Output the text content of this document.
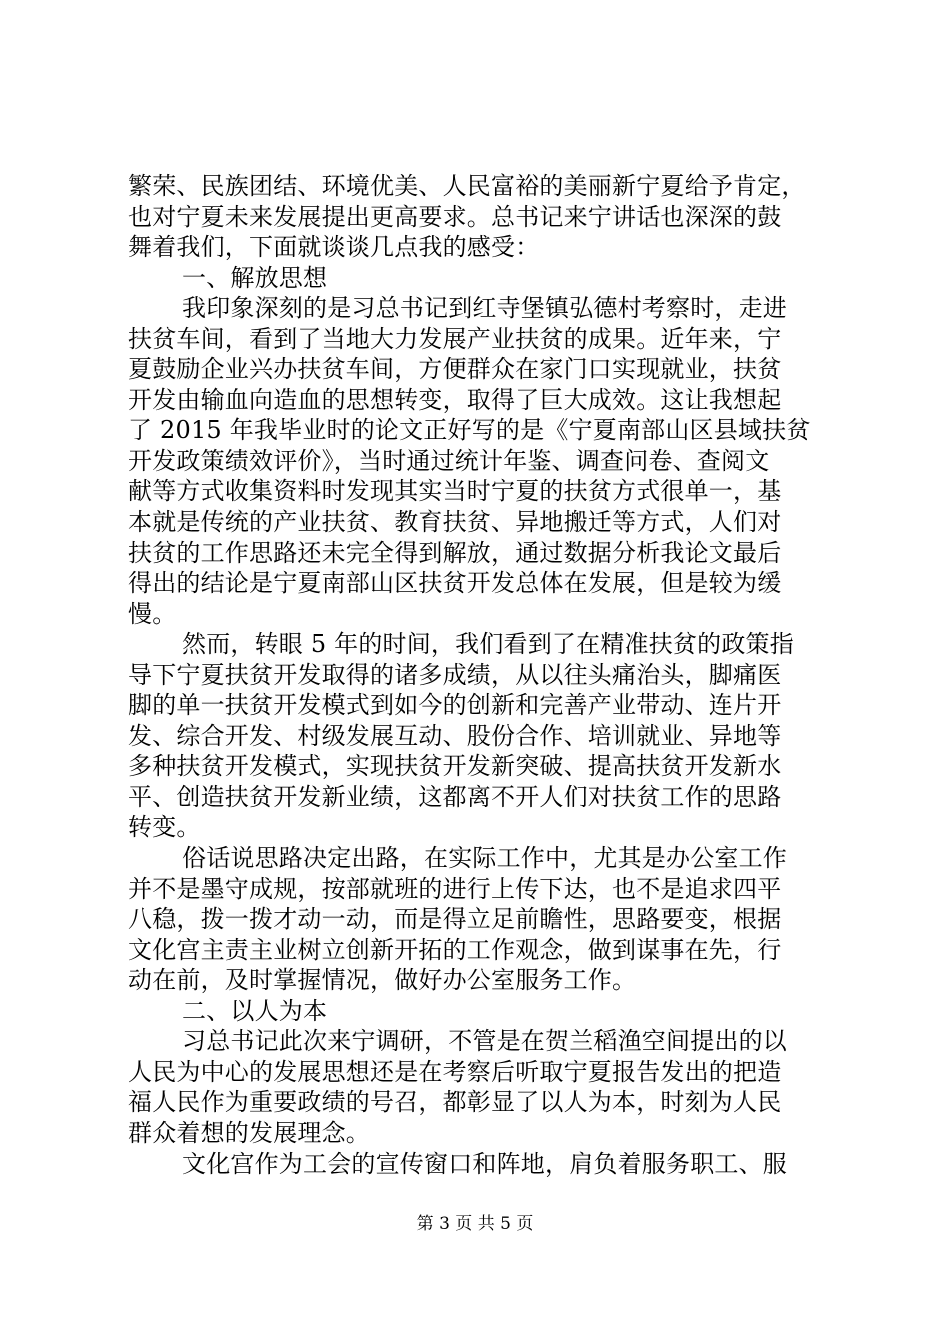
繁荣、民族团结、环境优美、人民富裕的美丽新宁夏给予肯定，
也对宁夏未来发展提出更高要求。总书记来宁讲话也深深的鼓
舞着我们，下面就谈谈几点我的感受：
一、解放思想
我印象深刻的是习总书记到红寺堡镇弘德村考察时，走进
扶贫车间，看到了当地大力发展产业扶贫的成果。近年来，宁
夏鼓励企业兴办扶贫车间，方便群众在家门口实现就业，扶贫
开发由输血向造血的思想转变，取得了巨大成效。这让我想起
了 2015 年我毕业时的论文正好写的是《宁夏南部山区县域扶贫
开发政策绩效评价》，当时通过统计年鉴、调查问卷、查阅文
献等方式收集资料时发现其实当时宁夏的扶贫方式很单一，基
本就是传统的产业扶贫、教育扶贫、异地搬迁等方式，人们对
扶贫的工作思路还未完全得到解放，通过数据分析我论文最后
得出的结论是宁夏南部山区扶贫开发总体在发展，但是较为缓
慢。
然而，转眼 5 年的时间，我们看到了在精准扶贫的政策指
导下宁夏扶贫开发取得的诸多成绩，从以往头痛治头，脚痛医
脚的单一扶贫开发模式到如今的创新和完善产业带动、连片开
发、综合开发、村级发展互动、股份合作、培训就业、异地等
多种扶贫开发模式，实现扶贫开发新突破、提高扶贫开发新水
平、创造扶贫开发新业绩，这都离不开人们对扶贫工作的思路
转变。
俗话说思路决定出路，在实际工作中，尤其是办公室工作
并不是墨守成规，按部就班的进行上传下达，也不是追求四平
八稳，拨一拨才动一动，而是得立足前瞻性，思路要变，根据
文化宫主责主业树立创新开拓的工作观念，做到谋事在先，行
动在前，及时掌握情况，做好办公室服务工作。
二、以人为本
习总书记此次来宁调研，不管是在贺兰稻渔空间提出的以
人民为中心的发展思想还是在考察后听取宁夏报告发出的把造
福人民作为重要政绩的号召，都彰显了以人为本，时刻为人民
群众着想的发展理念。
文化宫作为工会的宣传窗口和阵地，肩负着服务职工、服
第 3 页 共 5 页
